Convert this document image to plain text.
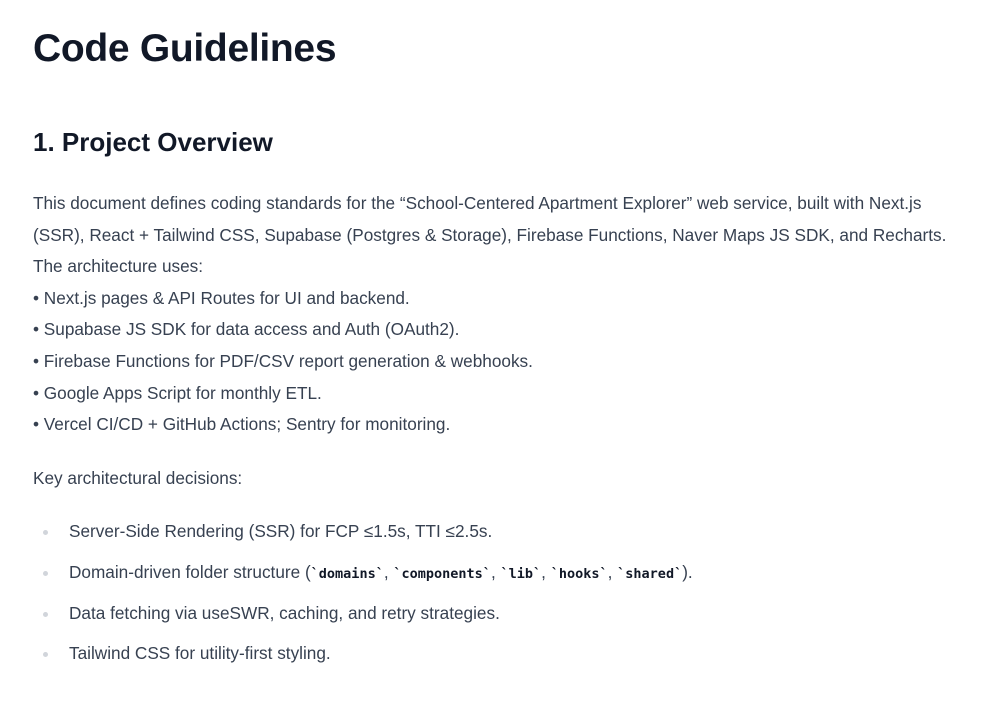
Code Guidelines
1. Project Overview
This document defines coding standards for the “School-Centered Apartment Explorer” web service, built with Next.js
(SSR), React + Tailwind CSS, Supabase (Postgres & Storage), Firebase Functions, Naver Maps JS SDK, and Recharts.
The architecture uses:
• Next.js pages & API Routes for UI and backend.
• Supabase JS SDK for data access and Auth (OAuth2).
• Firebase Functions for PDF/CSV report generation & webhooks.
• Google Apps Script for monthly ETL.
• Vercel CI/CD + GitHub Actions; Sentry for monitoring.

Key architectural decisions:

Server-Side Rendering (SSR) for FCP ≤1.5s, TTI ≤2.5s.
Domain-driven folder structure (`domains`, `components`, `lib`, `hooks`, `shared`).
Data fetching via useSWR, caching, and retry strategies.
Tailwind CSS for utility-first styling.
